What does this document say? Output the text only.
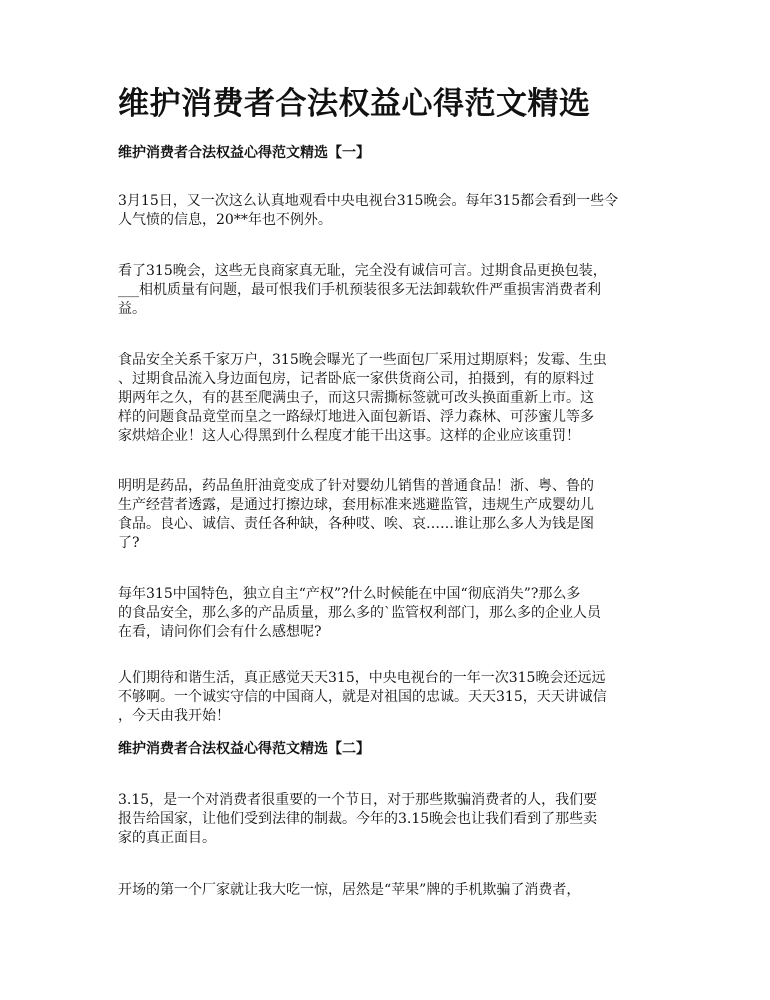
维护消费者合法权益心得范文精选
维护消费者合法权益心得范文精选【一】
3月15日，又一次这么认真地观看中央电视台315晚会。每年315都会看到一些令
人气愤的信息，20**年也不例外。
看了315晚会，这些无良商家真无耻，完全没有诚信可言。过期食品更换包装，
___相机质量有问题，最可恨我们手机预装很多无法卸载软件严重损害消费者利
益。
食品安全关系千家万户，315晚会曝光了一些面包厂采用过期原料；发霉、生虫
、过期食品流入身边面包房，记者卧底一家供货商公司，拍摄到，有的原料过
期两年之久，有的甚至爬满虫子，而这只需撕标签就可改头换面重新上市。这
样的问题食品竟堂而皇之一路绿灯地进入面包新语、浮力森林、可莎蜜儿等多
家烘焙企业！这人心得黑到什么程度才能干出这事。这样的企业应该重罚！
明明是药品，药品鱼肝油竟变成了针对婴幼儿销售的普通食品！浙、粤、鲁的
生产经营者透露，是通过打擦边球，套用标准来逃避监管，违规生产成婴幼儿
食品。良心、诚信、责任各种缺，各种哎、唉、哀……谁让那么多人为钱是图
了?
每年315中国特色，独立自主“产权”?什么时候能在中国“彻底消失”?那么多
的食品安全，那么多的产品质量，那么多的`监管权利部门，那么多的企业人员
在看，请问你们会有什么感想呢?
人们期待和谐生活，真正感觉天天315，中央电视台的一年一次315晚会还远远
不够啊。一个诚实守信的中国商人，就是对祖国的忠诚。天天315，天天讲诚信
，今天由我开始！
维护消费者合法权益心得范文精选【二】
3.15，是一个对消费者很重要的一个节日，对于那些欺骗消费者的人，我们要
报告给国家，让他们受到法律的制裁。今年的3.15晚会也让我们看到了那些卖
家的真正面目。
开场的第一个厂家就让我大吃一惊，居然是“苹果”牌的手机欺骗了消费者，
